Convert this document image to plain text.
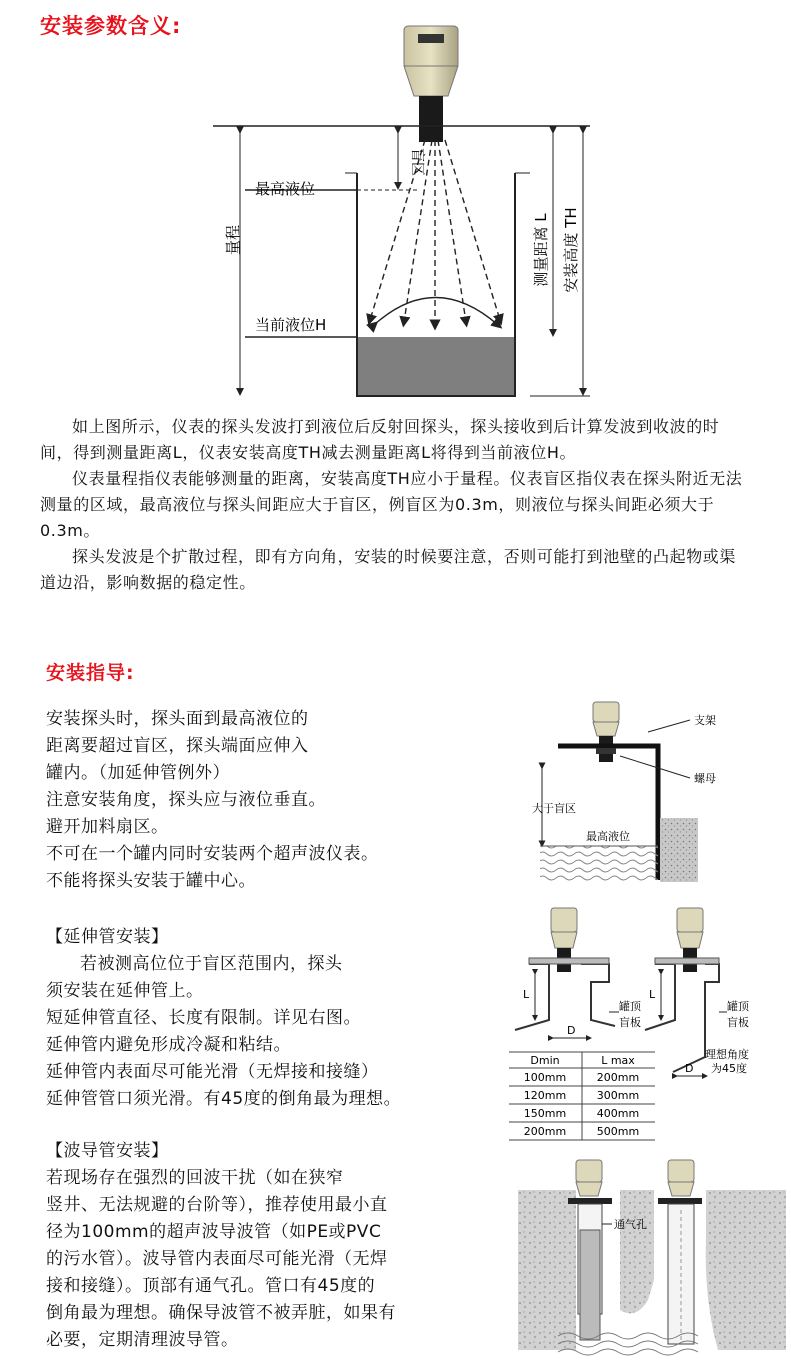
安装参数含义:
最高液位
当前液位H
盲区
量程	测量距离 L 安装高度 TH

如上图所示，仪表的探头发波打到液位后反射回探头，探头接收到后计算发波到收波的时间，得到测量距离L，仪表安装高度TH减去测量距离L将得到当前液位H。

仪表量程指仪表能够测量的距离，安装高度TH应小于量程。仪表盲区指仪表在探头附近无法测量的区域，最高液位与探头间距应大于盲区，例盲区为0.3m，则液位与探头间距必须大于0.3m。

探头发波是个扩散过程，即有方向角，安装的时候要注意，否则可能打到池壁的凸起物或渠道边沿，影响数据的稳定性。

安装指导:

安装探头时，探头面到最高液位的

距离要超过盲区，探头端面应伸入

罐内。（加延伸管例外）

注意安装角度，探头应与液位垂直。

避开加料扇区。

不可在一个罐内同时安装两个超声波仪表。

不能将探头安装于罐中心。

支架
螺母
大于盲区
最高液位

【延伸管安装】

若被测高位位于盲区范围内，探头

须安装在延伸管上。

短延伸管直径、长度有限制。详见右图。

延伸管内避免形成冷凝和粘结。

延伸管内表面尽可能光滑（无焊接和接缝）

延伸管管口须光滑。有45度的倒角最为理想。

L
D
罐顶
盲板
L
D
罐顶
盲板
理想角度
为45度
Dmin	L max
100mm	200mm
120mm	300mm
150mm	400mm
200mm	500mm

【波导管安装】

若现场存在强烈的回波干扰（如在狭窄

竖井、无法规避的台阶等），推荐使用最小直

径为100mm的超声波导波管（如PE或PVC

的污水管）。波导管内表面尽可能光滑（无焊

接和接缝）。顶部有通气孔。管口有45度的

倒角最为理想。确保导波管不被弄脏，如果有

必要，定期清理波导管。

通气孔
